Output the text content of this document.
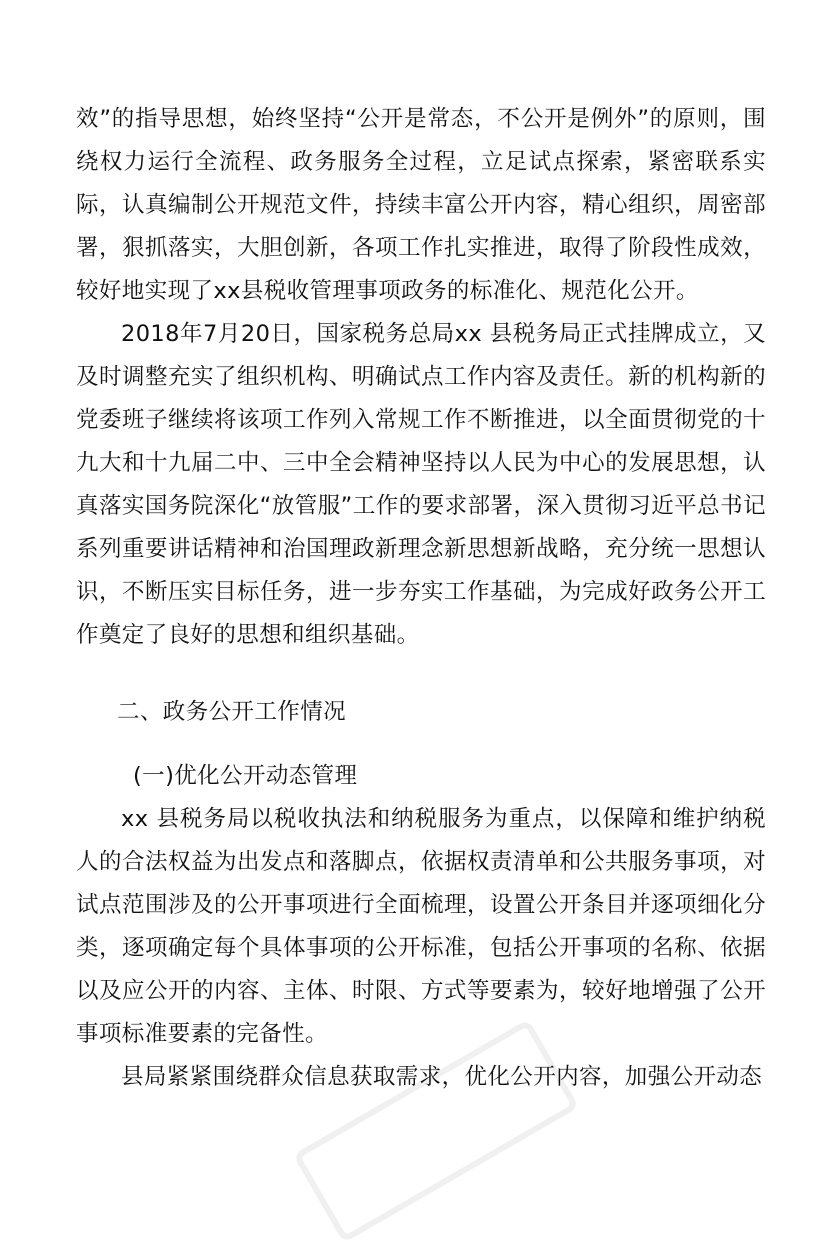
效”的指导思想，始终坚持“公开是常态，不公开是例外”的原则，围绕权力运行全流程、政务服务全过程，立足试点探索，紧密联系实际，认真编制公开规范文件，持续丰富公开内容，精心组织，周密部署，狠抓落实，大胆创新，各项工作扎实推进，取得了阶段性成效，较好地实现了xx县税收管理事项政务的标准化、规范化公开。

2018年7月20日，国家税务总局xx 县税务局正式挂牌成立，又及时调整充实了组织机构、明确试点工作内容及责任。新的机构新的党委班子继续将该项工作列入常规工作不断推进，以全面贯彻党的十九大和十九届二中、三中全会精神坚持以人民为中心的发展思想，认真落实国务院深化“放管服”工作的要求部署，深入贯彻习近平总书记系列重要讲话精神和治国理政新理念新思想新战略，充分统一思想认识，不断压实目标任务，进一步夯实工作基础，为完成好政务公开工作奠定了良好的思想和组织基础。

二、政务公开工作情况

(一)优化公开动态管理

xx 县税务局以税收执法和纳税服务为重点，以保障和维护纳税人的合法权益为出发点和落脚点，依据权责清单和公共服务事项，对试点范围涉及的公开事项进行全面梳理，设置公开条目并逐项细化分类，逐项确定每个具体事项的公开标准，包括公开事项的名称、依据以及应公开的内容、主体、时限、方式等要素为，较好地增强了公开事项标准要素的完备性。

县局紧紧围绕群众信息获取需求，优化公开内容，加强公开动态
